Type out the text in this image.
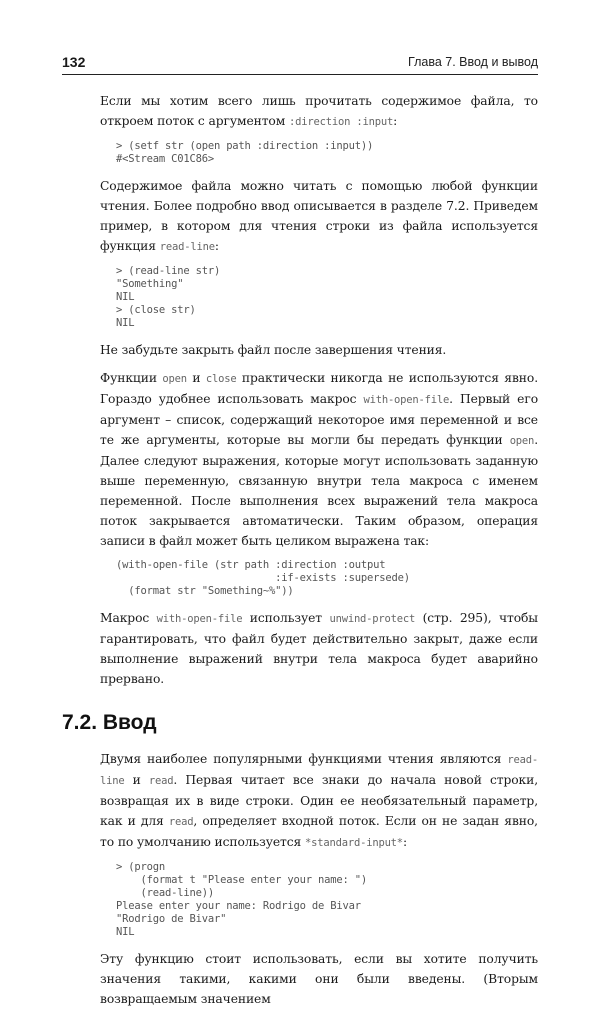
132	Глава 7. Ввод и вывод

Если мы хотим всего лишь прочитать содержимое файла, то откроем поток с аргументом :direction :input:

> (setf str (open path :direction :input))
#<Stream C01C86>

Содержимое файла можно читать с помощью любой функции чтения. Более подробно ввод описывается в разделе 7.2. Приведем пример, в котором для чтения строки из файла используется функция read-line:

> (read-line str)
"Something"
NIL
> (close str)
NIL

Не забудьте закрыть файл после завершения чтения.

Функции open и close практически никогда не используются явно. Гораздо удобнее использовать макрос with-open-file. Первый его аргумент – список, содержащий некоторое имя переменной и все те же аргументы, которые вы могли бы передать функции open. Далее следуют выражения, которые могут использовать заданную выше переменную, связанную внутри тела макроса с именем переменной. После выполнения всех выражений тела макроса поток закрывается автоматически. Таким образом, операция записи в файл может быть целиком выражена так:

(with-open-file (str path :direction :output
:if-exists :supersede)
(format str "Something~%"))

Макрос with-open-file использует unwind-protect (стр. 295), чтобы гарантировать, что файл будет действительно закрыт, даже если выполнение выражений внутри тела макроса будет аварийно прервано.

7.2. Ввод

Двумя наиболее популярными функциями чтения являются read-line и read. Первая читает все знаки до начала новой строки, возвращая их в виде строки. Один ее необязательный параметр, как и для read, определяет входной поток. Если он не задан явно, то по умолчанию используется *standard-input*:

> (progn
(format t "Please enter your name: ")
(read-line))
Please enter your name: Rodrigo de Bivar
"Rodrigo de Bivar"
NIL

Эту функцию стоит использовать, если вы хотите получить значения такими, какими они были введены. (Вторым возвращаемым значением
